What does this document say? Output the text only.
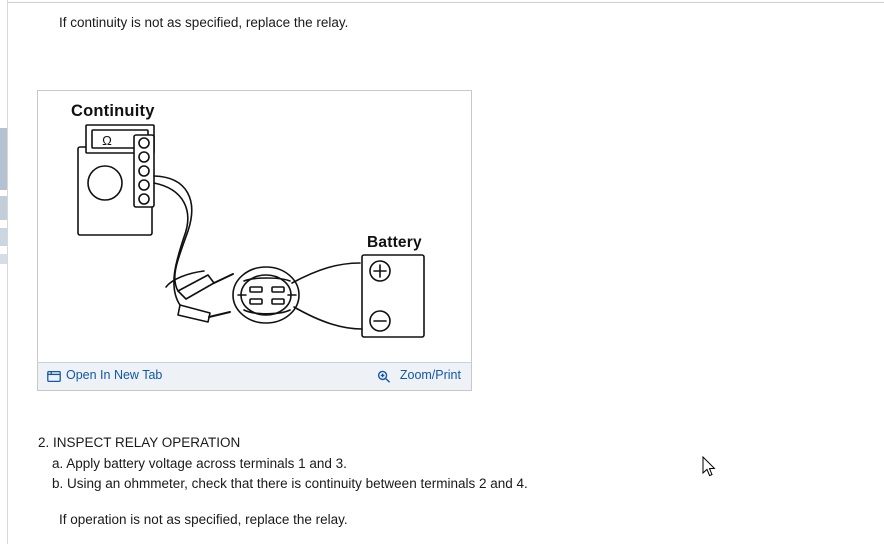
If continuity is not as specified, replace the relay.
Continuity
Battery
Ω
Open In New Tab	Zoom/Print
2. INSPECT RELAY OPERATION
a. Apply battery voltage across terminals 1 and 3.
b. Using an ohmmeter, check that there is continuity between terminals 2 and 4.
If operation is not as specified, replace the relay.
